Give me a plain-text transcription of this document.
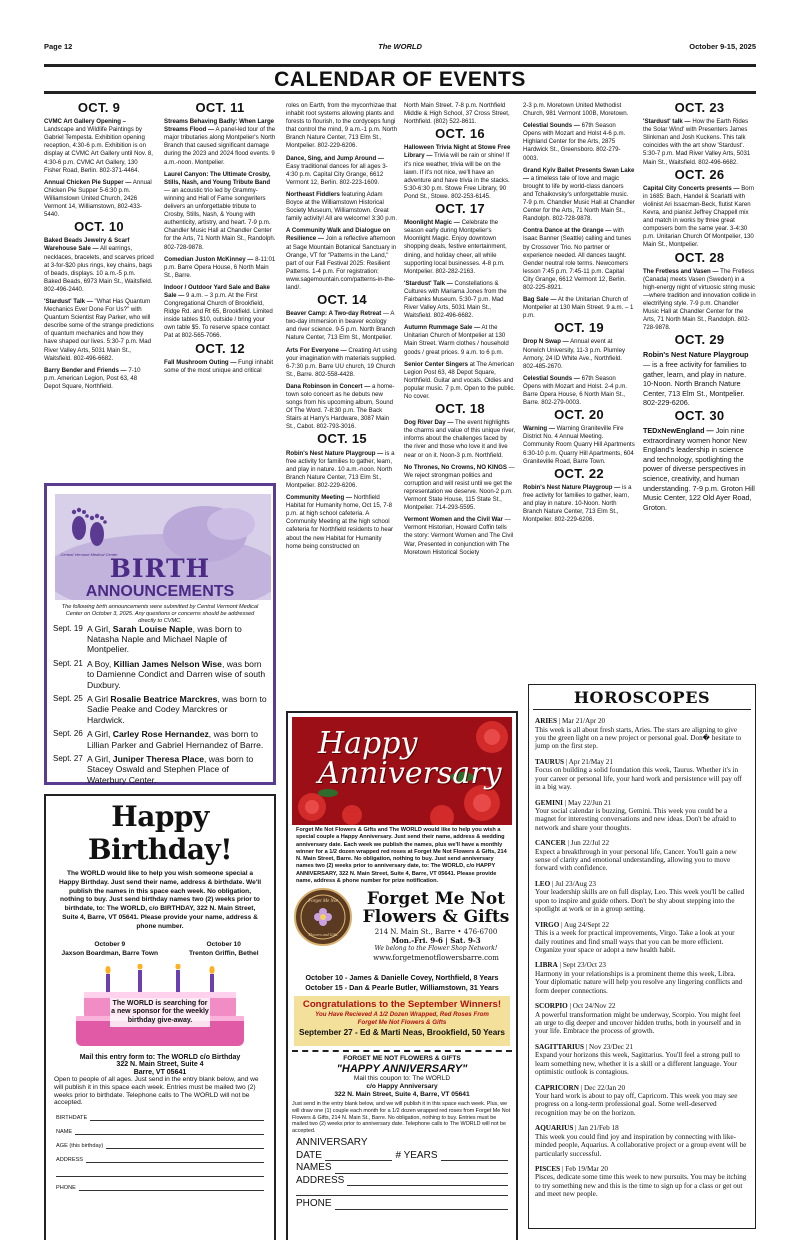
Page 12	The WORLD	October 9-15, 2025
CALENDAR OF EVENTS
OCT. 9

CVMC Art Gallery Opening – Landscape and Wildlife Paintings by Gabriel Tempesta. Exhibition opening reception, 4:30-6 p.m. Exhibition is on display at CVMC Art Gallery until Nov. 8, 4:30-6 p.m. CVMC Art Gallery, 130 Fisher Road, Berlin. 802-371-4464.

Annual Chicken Pie Supper — Annual Chicken Pie Supper 5-6:30 p.m. Williamstown United Church, 2426 Vermont 14, Williamstown, 802-433-5440.

OCT. 10

Baked Beads Jewelry & Scarf Warehouse Sale — All earrings, necklaces, bracelets, and scarves priced at 3-for-$20 plus rings, key chains, bags of beads, displays. 10 a.m.-5 p.m. Baked Beads, 6973 Main St., Waitsfield. 802-496-2440.

'Stardust' Talk — "What Has Quantum Mechanics Ever Done For Us?" with Quantum Scientist Ray Parker, who will describe some of the strange predictions of quantum mechanics and how they have shaped our lives. 5:30-7 p.m. Mad River Valley Arts, 5031 Main St., Waitsfield. 802-496-6682.

Barry Bender and Friends — 7-10 p.m. American Legion, Post 63, 48 Depot Square, Northfield.

OCT. 11

Streams Behaving Badly: When Large Streams Flood — A panel-led tour of the major tributaries along Montpelier's North Branch that caused significant damage during the 2023 and 2024 flood events. 9 a.m.-noon. Montpelier.

Laurel Canyon: The Ultimate Crosby, Stills, Nash, and Young Tribute Band — an acoustic trio led by Grammy-winning and Hall of Fame songwriters delivers an unforgettable tribute to Crosby, Stills, Nash, & Young with authenticity, artistry, and heart. 7-9 p.m. Chandler Music Hall at Chandler Center for the Arts, 71 North Main St., Randolph. 802-728-9878.

Comedian Juston McKinney — 8-11:01 p.m. Barre Opera House, 6 North Main St., Barre.

Indoor / Outdoor Yard Sale and Bake Sale — 9 a.m. – 3 p.m. At the First Congregational Church of Brookfield, Ridge Rd. and Rt 65, Brookfield. Limited inside tables $10, outside / bring your own table $5. To reserve space contact Pat at 802-565-7066.

OCT. 12

Fall Mushroom Outing — Fungi inhabit some of the most unique and critical

roles on Earth, from the mycorrhizae that inhabit root systems allowing plants and forests to flourish, to the cordyceps fungi that control the mind, 9 a.m.-1 p.m. North Branch Nature Center, 713 Elm St., Montpelier. 802-229-6206.

Dance, Sing, and Jump Around — Easy traditional dances for all ages 3-4:30 p.m. Capital City Grange, 6612 Vermont 12, Berlin. 802-223-1609.

Northeast Fiddlers featuring Adam Boyce at the Williamstown Historical Society Museum, Williamstown. Great family activity! All are welcome! 3:30 p.m.

A Community Walk and Dialogue on Resilience — Join a reflective afternoon at Sage Mountain Botanical Sanctuary in Orange, VT for "Patterns in the Land," part of our Fall Festival 2025: Resilient Patterns. 1-4 p.m. For registration: www.sagemountain.com/patterns-in-the-land/.

OCT. 14

Beaver Camp: A Two-day Retreat — A two-day immersion in beaver ecology and river science. 9-5 p.m. North Branch Nature Center, 713 Elm St., Montpelier.

Arts For Everyone — Creating Art using your imagination with materials supplied. 6-7:30 p.m. Barre UU church, 19 Church St., Barre. 802-558-4428.

Dana Robinson in Concert — a home-town solo concert as he debuts new songs from his upcoming album, Sound Of The Word. 7-8:30 p.m. The Back Stairs at Harry's Hardware, 3087 Main St., Cabot. 802-793-3016.

OCT. 15

Robin's Nest Nature Playgroup — is a free activity for families to gather, learn, and play in nature. 10 a.m.-noon. North Branch Nature Center, 713 Elm St., Montpelier. 802-229-6206.

Community Meeting — Northfield Habitat for Humanity home, Oct 15, 7-8 p.m. at high school cafeteria. A Community Meeting at the high school cafeteria for Northfield residents to hear about the new Habitat for Humanity home being constructed on

North Main Street. 7-8 p.m. Northfield Middle & High School, 37 Cross Street, Northfield. (802) 522-8611.

OCT. 16

Halloween Trivia Night at Stowe Free Library — Trivia will be rain or shine! If it's nice weather, trivia will be on the lawn. If it's not nice, we'll have an adventure and have trivia in the stacks. 5:30-6:30 p.m. Stowe Free Library, 90 Pond St., Stowe. 802-253-6145.

OCT. 17

Moonlight Magic — Celebrate the season early during Montpelier's Moonlight Magic. Enjoy downtown shopping deals, festive entertainment, dining, and holiday cheer, all while supporting local businesses. 4-8 p.m. Montpelier. 802-282-2163.

'Stardust' Talk — Constellations & Cultures with Mariama Jones from the Fairbanks Museum. 5:30-7 p.m. Mad River Valley Arts, 5031 Main St., Waitsfield. 802-496-6682.

Autumn Rummage Sale — At the Unitarian Church of Montpelier at 130 Main Street. Warm clothes / household goods / great prices. 9 a.m. to 6 p.m.

Senior Center Singers at The American Legion Post 63, 48 Depot Square, Northfield. Guitar and vocals. Oldies and popular music. 7 p.m. Open to the public. No cover.

OCT. 18

Dog River Day — The event highlights the charms and value of this unique river, informs about the challenges faced by the river and those who love it and live near or on it. Noon-3 p.m. Northfield.

No Thrones, No Crowns, NO KINGS — We reject strongman politics and corruption and will resist until we get the representation we deserve. Noon-2 p.m. Vermont State House, 115 State St., Montpelier. 714-293-5595.

Vermont Women and the Civil War — Vermont Historian, Howard Coffin tells the story: Vermont Women and The Civil War, Presented in conjunction with The Moretown Historical Society

2-3 p.m. Moretown United Methodist Church, 981 Vermont 100B, Moretown.

Celestial Sounds — 67th Season Opens with Mozart and Holst 4-6 p.m. Highland Center for the Arts, 2875 Hardwick St., Greensboro. 802-279-0003.

Grand Kyiv Ballet Presents Swan Lake — a timeless tale of love and magic brought to life by world-class dancers and Tchaikovsky's unforgettable music. 7-9 p.m. Chandler Music Hall at Chandler Center for the Arts, 71 North Main St., Randolph. 802-728-9878.

Contra Dance at the Grange — with Isaac Banner (Seattle) calling and tunes by Crossover Trio. No partner or experience needed. All dances taught. Gender neutral role terms. Newcomers lesson 7:45 p.m. 7:45-11 p.m. Capital City Grange, 6612 Vermont 12, Berlin. 802-225-8921.

Bag Sale — At the Unitarian Church of Montpelier at 130 Main Street. 9 a.m. – 1 p.m.

OCT. 19

Drop N Swap — Annual event at Norwich University, 11-3 p.m. Plumley Armory, 24 ID White Ave., Northfield. 802-485-2670.

Celestial Sounds — 67th Season Opens with Mozart and Holst. 2-4 p.m. Barre Opera House, 6 North Main St., Barre. 802-279-0003.

OCT. 20

Warning — Warning Graniteville Fire District No. 4 Annual Meeting. Community Room Quarry Hill Apartments 6:30-10 p.m. Quarry Hill Apartments, 604 Graniteville Road, Barre Town.

OCT. 22

Robin's Nest Nature Playgroup — is a free activity for families to gather, learn, and play in nature. 10-Noon. North Branch Nature Center, 713 Elm St., Montpelier. 802-229-6206.

OCT. 23

'Stardust' talk — How the Earth Rides the Solar Wind' with Presenters James Slinkman and Josh Kuckens. This talk coincides with the art show 'Stardust'. 5:30-7 p.m. Mad River Valley Arts, 5031 Main St., Waitsfield. 802-496-6682.

OCT. 26

Capital City Concerts presents — Born in 1685: Bach, Handel & Scarlatti with violinist Ari Issacman-Beck, flutist Karen Kevra, and pianist Jeffrey Chappell mix and match in works by three great composers born the same year. 3-4:30 p.m. Unitarian Church Of Montpelier, 130 Main St., Montpelier.

OCT. 28

The Fretless and Vasen — The Fretless (Canada) meets Vasen (Sweden) in a high-energy night of virtuosic string music—where tradition and innovation collide in electrifying style. 7-9 p.m. Chandler Music Hall at Chandler Center for the Arts, 71 North Main St., Randolph. 802-728-9878.

OCT. 29

Robin's Nest Nature Playgroup — is a free activity for families to gather, learn, and play in nature. 10-Noon. North Branch Nature Center, 713 Elm St., Montpelier. 802-229-6206.

OCT. 30

TEDxNewEngland — Join nine extraordinary women honor New England's leadership in science and technology, spotlighting the power of diverse perspectives in science, creativity, and human understanding. 7-9 p.m. Groton Hill Music Center, 122 Old Ayer Road, Groton.

Central Vermont Medical Center
BIRTH ANNOUNCEMENTS
The following birth announcements were submitted by Central Vermont Medical Center on October 3, 2025. Any questions or concerns should be addressed directly to CVMC.
Sept. 19 A Girl, Sarah Louise Naple, was born to Natasha Naple and Michael Naple of Montpelier.
Sept. 21 A Boy, Killian James Nelson Wise, was born to Damienne Condict and Darren wise of south Duxbury.
Sept. 25 A Girl Rosalie Beatrice Marckres, was born to Sadie Peake and Codey Marckres or Hardwick.
Sept. 26 A Girl, Carley Rose Hernandez, was born to Lillian Parker and Gabriel Hernandez of Barre.
Sept. 27 A Girl, Juniper Theresa Place, was born to Stacey Oswald and Stephen Place of Waterbury Center.
Happy Birthday!
The WORLD would like to help you wish someone special a Happy Birthday. Just send their name, address & birthdate. We'll publish the names in this space each week. No obligation, nothing to buy. Just send birthday names two (2) weeks prior to birthdate, to: The WORLD, c/o BIRTHDAY, 322 N. Main Street, Suite 4, Barre, VT 05641. Please provide your name, address & phone number.
October 9
Jaxson Boardman, Barre Town
October 10
Trenton Griffin, Bethel
The WORLD is searching for a new sponsor for the weekly birthday give-away.
Mail this entry form to: The WORLD c/o Birthday
322 N. Main Street, Suite 4
Barre, VT 05641
Open to people of all ages. Just send in the entry blank below, and we will publish it in this space each week. Entries must be mailed two (2) weeks prior to birthdate. Telephone calls to The WORLD will not be accepted.
BIRTHDATE
NAME
AGE (this birthday)
ADDRESS
PHONE
Happy
Anniversary
Forget Me Not Flowers & Gifts and The WORLD would like to help you wish a special couple a Happy Anniversary. Just send their name, address & wedding anniversary date. Each week we publish the names, plus we'll have a monthly winner for a 1/2 dozen wrapped red roses at Forget Me Not Flowers & Gifts, 214 N. Main Street, Barre. No obligation, nothing to buy. Just send anniversary names two (2) weeks prior to anniversary date, to: The WORLD, c/o HAPPY ANNIVERSARY, 322 N. Main Street, Suite 4, Barre, VT 05641. Please provide name, address & phone number for prize notification.
Forget Me Not
Flowers and Gifts
Forget Me Not
Flowers & Gifts
214 N. Main St., Barre • 476-6700
Mon.-Fri. 9-6 | Sat. 9-3
We belong to the Flower Shop Network!
www.forgetmenotflowersbarre.com
October 10 - James & Danielle Covey, Northfield, 8 Years
October 15 - Dan & Pearle Butler, Williamstown, 31 Years
Congratulations to the September Winners!
You Have Recieved A 1/2 Dozen Wrapped, Red Roses From
Forget Me Not Flowers & Gifts
September 27 - Ed & Marti Neas, Brookfield, 50 Years
FORGET ME NOT FLOWERS & GIFTS
"HAPPY ANNIVERSARY"
Mail this coupon to: The WORLD
c/o Happy Anniversary
322 N. Main Street, Suite 4, Barre, VT 05641
Just send in the entry blank below, and we will publish it in this space each week. Plus, we will draw one (1) couple each month for a 1/2 dozen wrapped red roses from Forget Me Not Flowers & Gifts, 214 N. Main St., Barre. No obligation, nothing to buy. Entries must be mailed two (2) weeks prior to anniversary date. Telephone calls to The WORLD will not be accepted.
ANNIVERSARY
DATE	# YEARS
NAMES
ADDRESS
PHONE
HOROSCOPES
ARIES | Mar 21/Apr 20
This week is all about fresh starts, Aries. The stars are aligning to give you the green light on a new project or personal goal. Don� hesitate to jump on the first step.
TAURUS | Apr 21/May 21
Focus on building a solid foundation this week, Taurus. Whether it's in your career or personal life, your hard work and persistence will pay off in a big way.
GEMINI | May 22/Jun 21
Your social calendar is buzzing, Gemini. This week you could be a magnet for interesting conversations and new ideas. Don't be afraid to network and share your thoughts.
CANCER | Jun 22/Jul 22
Expect a breakthrough in your personal life, Cancer. You'll gain a new sense of clarity and emotional understanding, allowing you to move forward with confidence.
LEO | Jul 23/Aug 23
Your leadership skills are on full display, Leo. This week you'll be called upon to inspire and guide others. Don't be shy about stepping into the spotlight at work or in a group setting.
VIRGO | Aug 24/Sept 22
This is a week for practical improvements, Virgo. Take a look at your daily routines and find small ways that you can be more efficient. Organize your space or adopt a new health habit.
LIBRA | Sept 23/Oct 23
Harmony in your relationships is a prominent theme this week, Libra. Your diplomatic nature will help you resolve any lingering conflicts and form deeper connections.
SCORPIO | Oct 24/Nov 22
A powerful transformation might be underway, Scorpio. You might feel an urge to dig deeper and uncover hidden truths, both in yourself and in your life. Embrace the process of growth.
SAGITTARIUS | Nov 23/Dec 21
Expand your horizons this week, Sagittarius. You'll feel a strong pull to learn something new, whether it is a skill or a different language. Your optimistic outlook is contagious.
CAPRICORN | Dec 22/Jan 20
Your hard work is about to pay off, Capricorn. This week you may see progress on a long-term professional goal. Some well-deserved recognition may be on the horizon.
AQUARIUS | Jan 21/Feb 18
This week you could find joy and inspiration by connecting with like-minded people, Aquarius. A collaborative project or a group event will be particularly successful.
PISCES | Feb 19/Mar 20
Pisces, dedicate some time this week to new pursuits. You may be itching to try something new and this is the time to sign up for a class or get out and meet new people.
